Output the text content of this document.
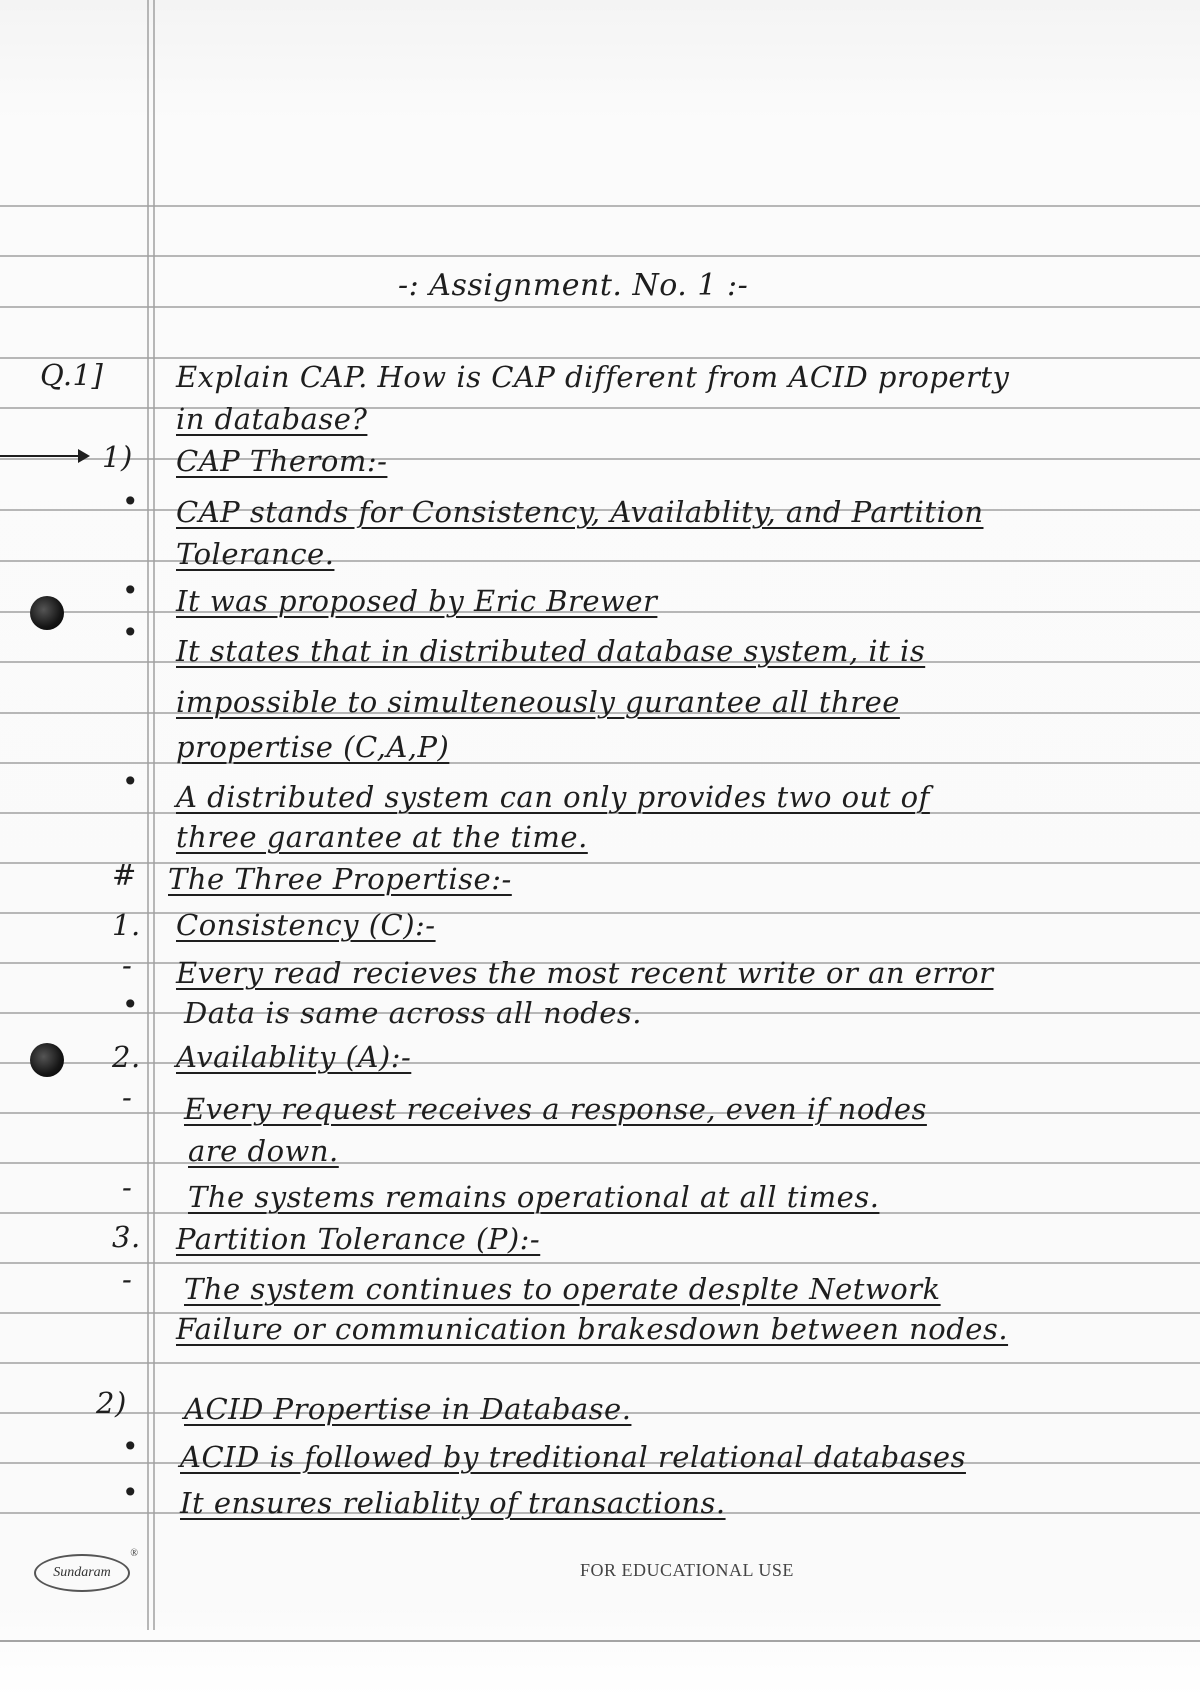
-: Assignment. No. 1 :-
Q.1]	Explain CAP. How is CAP different from ACID property
in database?
1) CAP Therom:-
• CAP stands for Consistency, Availablity, and Partition
Tolerance.
• It was proposed by Eric Brewer
•
It states that in distributed database system, it is
impossible to simulteneously gurantee all three
propertise (C,A,P)
• A distributed system can only provides two out of
three garantee at the time.
# The Three Propertise:-
1. Consistency (C):-
- Every read recieves the most recent write or an error
• Data is same across all nodes.
2. Availablity (A):-
- Every request receives a response, even if nodes
are down.
- The systems remains operational at all times.
3. Partition Tolerance (P):-
- The system continues to operate desplte Network
Failure or communication brakesdown between nodes.
2) ACID Propertise in Database.
• ACID is followed by treditional relational databases
• It ensures reliablity of transactions.
Sundaram
®
FOR EDUCATIONAL USE
